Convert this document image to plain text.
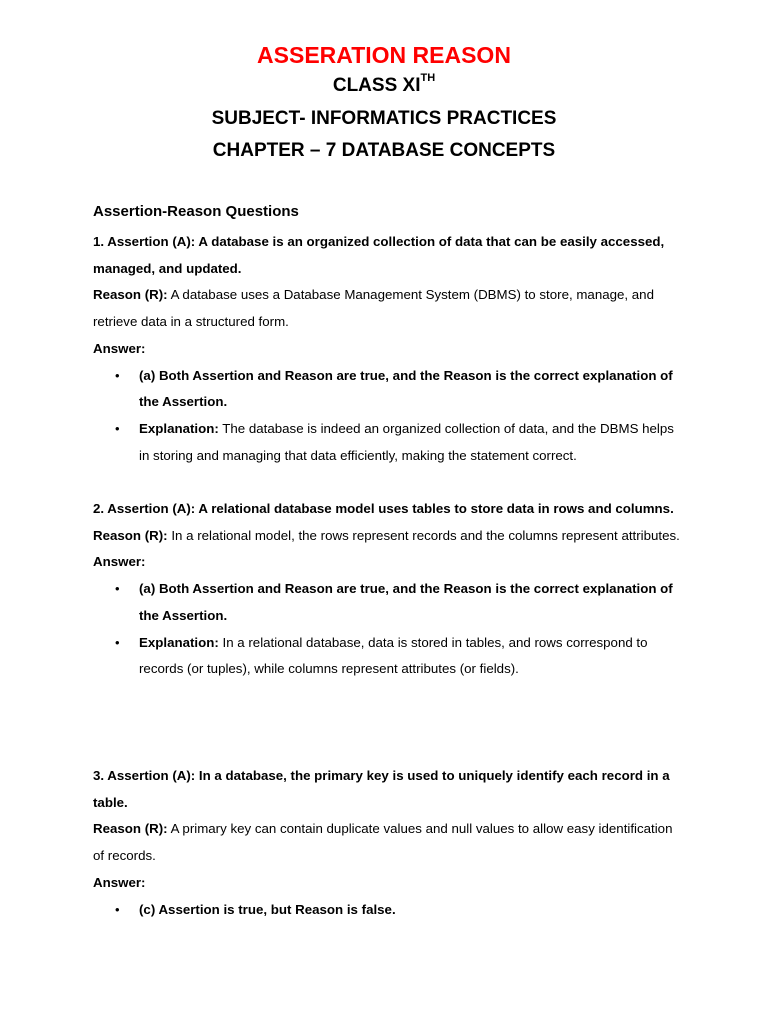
ASSERATION REASON
CLASS XITH
SUBJECT- INFORMATICS PRACTICES
CHAPTER – 7 DATABASE CONCEPTS
Assertion-Reason Questions
1. Assertion (A): A database is an organized collection of data that can be easily accessed, managed, and updated.
Reason (R): A database uses a Database Management System (DBMS) to store, manage, and retrieve data in a structured form.
Answer:
• (a) Both Assertion and Reason are true, and the Reason is the correct explanation of the Assertion.
• Explanation: The database is indeed an organized collection of data, and the DBMS helps in storing and managing that data efficiently, making the statement correct.
2. Assertion (A): A relational database model uses tables to store data in rows and columns.
Reason (R): In a relational model, the rows represent records and the columns represent attributes.
Answer:
• (a) Both Assertion and Reason are true, and the Reason is the correct explanation of the Assertion.
• Explanation: In a relational database, data is stored in tables, and rows correspond to records (or tuples), while columns represent attributes (or fields).
3. Assertion (A): In a database, the primary key is used to uniquely identify each record in a table.
Reason (R): A primary key can contain duplicate values and null values to allow easy identification of records.
Answer:
• (c) Assertion is true, but Reason is false.
